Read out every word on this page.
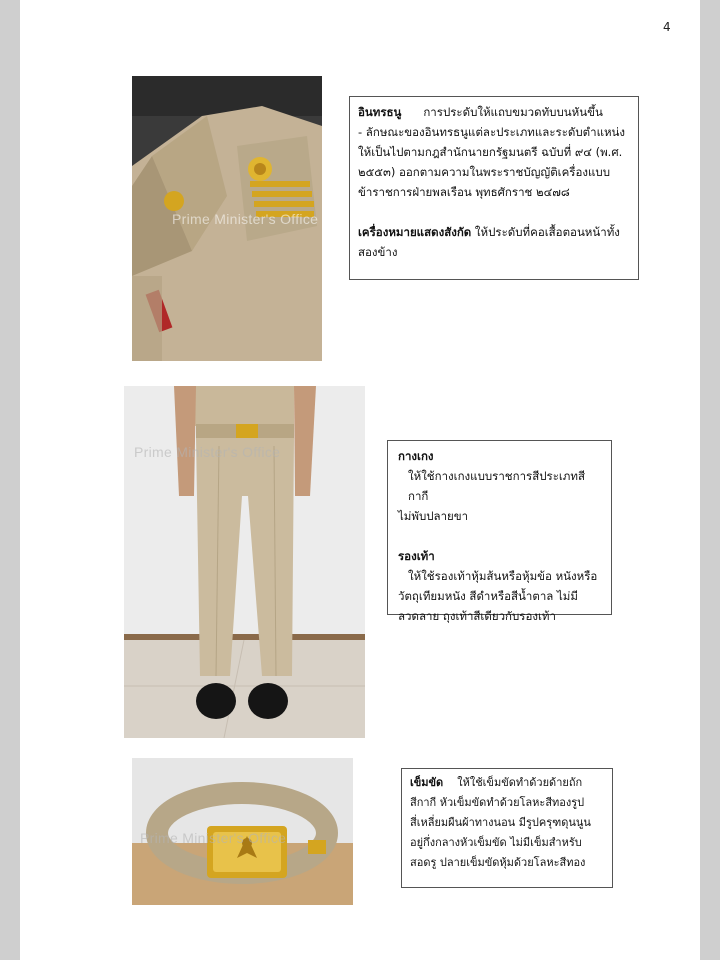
4
Prime Minister's Office

อินทรธนู การประดับให้แถบขมวดทับบนหันขึ้น

- ลักษณะของอินทรธนูแต่ละประเภทและระดับตำแหน่ง

ให้เป็นไปตามกฎสำนักนายกรัฐมนตรี ฉบับที่ ๙๔ (พ.ศ.

๒๕๕๓) ออกตามความในพระราชบัญญัติเครื่องแบบ

ข้าราชการฝ่ายพลเรือน พุทธศักราช ๒๔๗๘

เครื่องหมายแสดงสังกัด ให้ประดับที่คอเสื้อตอนหน้าทั้ง

สองข้าง

Prime Minister's Office	กางเกง

ให้ใช้กางเกงแบบราชการสีประเภทสีกากี

ไม่พับปลายขา

รองเท้า

ให้ใช้รองเท้าหุ้มส้นหรือหุ้มข้อ หนังหรือ

วัตถุเทียมหนัง สีดำหรือสีน้ำตาล ไม่มี

ลวดลาย ถุงเท้าสีเดียวกับรองเท้า

Prime Minister's Office

เข็มขัด ให้ใช้เข็มขัดทำด้วยด้ายถัก

สีกากี หัวเข็มขัดทำด้วยโลหะสีทองรูป

สี่เหลี่ยมผืนผ้าทางนอน มีรูปครุฑดุนนูน

อยู่กึ่งกลางหัวเข็มขัด ไม่มีเข็มสำหรับ

สอดรู ปลายเข็มขัดหุ้มด้วยโลหะสีทอง
